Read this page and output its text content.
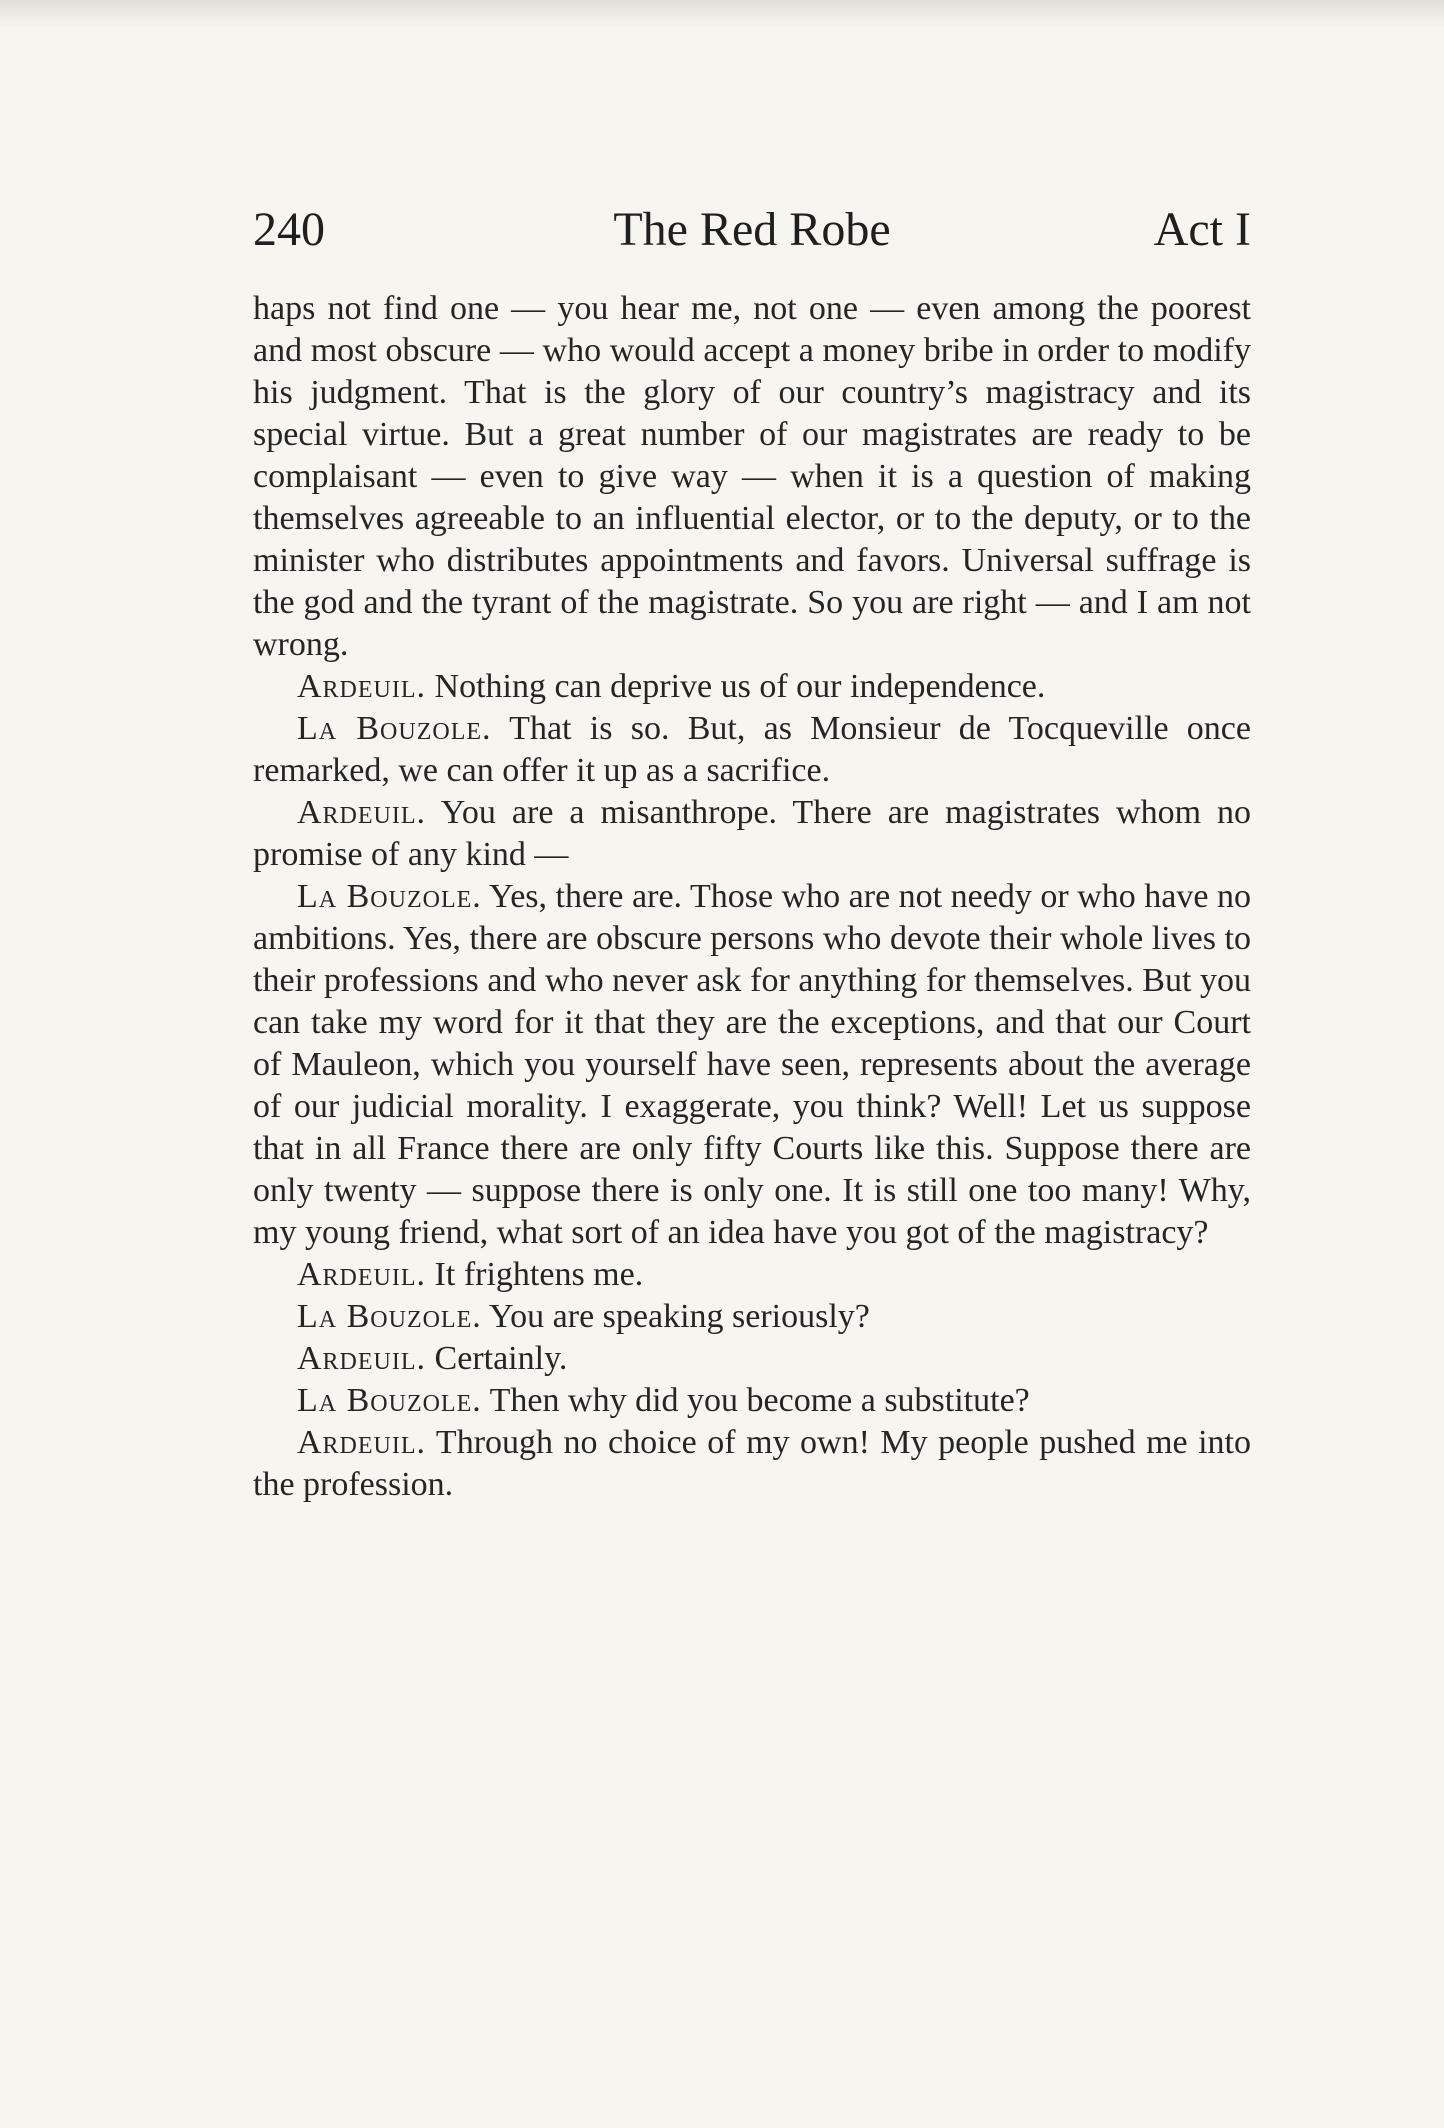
240	The Red Robe	Act I

haps not find one — you hear me, not one — even among the poorest and most obscure — who would accept a money bribe in order to modify his judgment. That is the glory of our country’s magistracy and its special virtue. But a great number of our magistrates are ready to be complaisant — even to give way — when it is a question of making themselves agreeable to an influential elector, or to the deputy, or to the minister who distributes appointments and favors. Universal suffrage is the god and the tyrant of the magistrate. So you are right — and I am not wrong.

Ardeuil. Nothing can deprive us of our independence.

La Bouzole. That is so. But, as Monsieur de Tocqueville once remarked, we can offer it up as a sacrifice.

Ardeuil. You are a misanthrope. There are magistrates whom no promise of any kind —

La Bouzole. Yes, there are. Those who are not needy or who have no ambitions. Yes, there are obscure persons who devote their whole lives to their professions and who never ask for anything for themselves. But you can take my word for it that they are the exceptions, and that our Court of Mauleon, which you yourself have seen, represents about the average of our judicial morality. I exaggerate, you think? Well! Let us suppose that in all France there are only fifty Courts like this. Suppose there are only twenty — suppose there is only one. It is still one too many! Why, my young friend, what sort of an idea have you got of the magistracy?

Ardeuil. It frightens me.

La Bouzole. You are speaking seriously?

Ardeuil. Certainly.

La Bouzole. Then why did you become a substitute?

Ardeuil. Through no choice of my own! My people pushed me into the profession.
